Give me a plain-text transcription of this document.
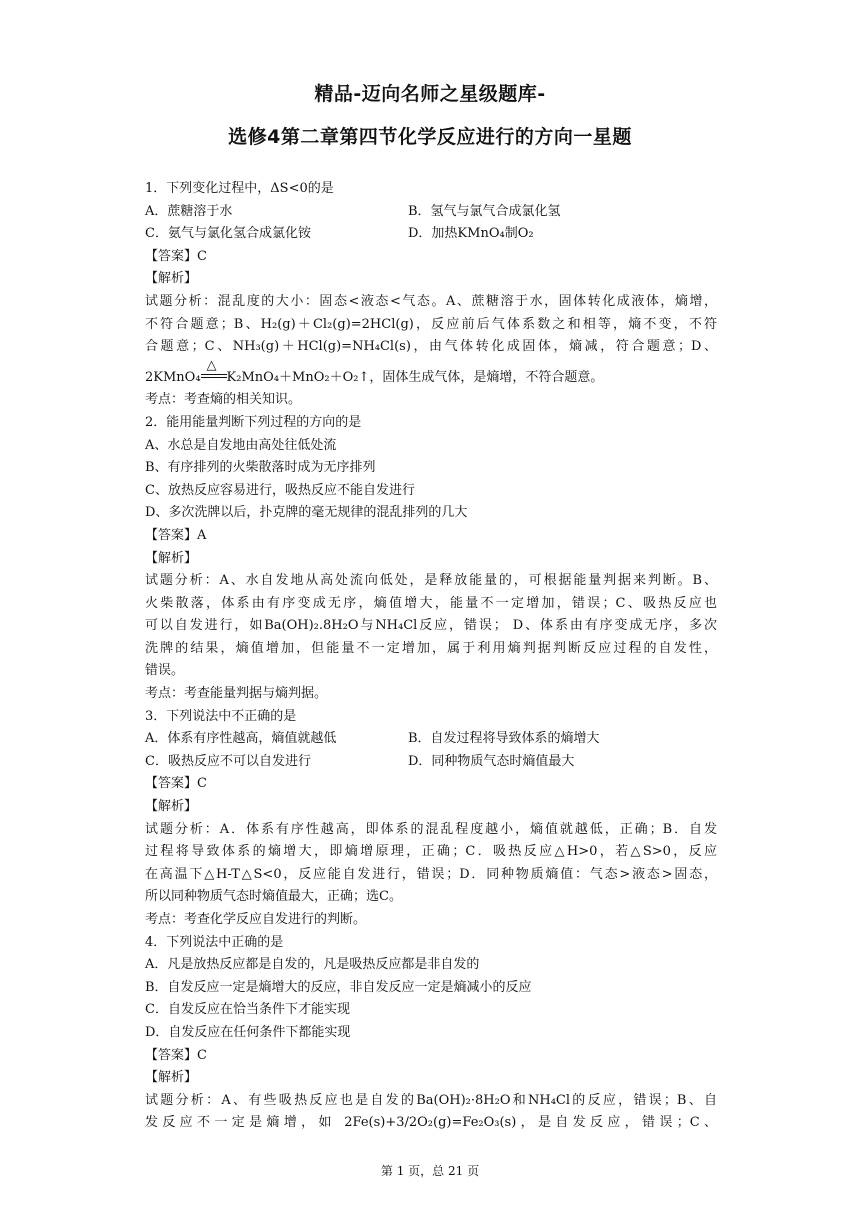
精品-迈向名师之星级题库-
选修4第二章第四节化学反应进行的方向一星题
1．下列变化过程中，ΔS<0的是
A．蔗糖溶于水	B．氢气与氯气合成氯化氢
C．氨气与氯化氢合成氯化铵	D．加热KMnO₄制O₂
【答案】C
【解析】
试题分析：混乱度的大小：固态<液态<气态。A、蔗糖溶于水，固体转化成液体，熵增，
不符合题意；B、H₂(g)＋Cl₂(g)=2HCl(g)，反应前后气体系数之和相等，熵不变，不符
合题意；C、NH₃(g)＋HCl(g)=NH₄Cl(s)，由气体转化成固体，熵减，符合题意；D、
2KMnO₄
△
K₂MnO₄＋MnO₂＋O₂↑，固体生成气体，是熵增，不符合题意。
考点：考查熵的相关知识。
2．能用能量判断下列过程的方向的是
A、水总是自发地由高处往低处流
B、有序排列的火柴散落时成为无序排列
C、放热反应容易进行，吸热反应不能自发进行
D、多次洗牌以后，扑克牌的毫无规律的混乱排列的几大
【答案】A
【解析】
试题分析：A、水自发地从高处流向低处，是释放能量的，可根据能量判据来判断。B、
火柴散落，体系由有序变成无序，熵值增大，能量不一定增加，错误；C、吸热反应也
可以自发进行，如Ba(OH)₂.8H₂O与NH₄Cl反应，错误； D、体系由有序变成无序，多次
洗牌的结果，熵值增加，但能量不一定增加，属于利用熵判据判断反应过程的自发性，
错误。
考点：考查能量判据与熵判据。
3．下列说法中不正确的是
A．体系有序性越高，熵值就越低	B．自发过程将导致体系的熵增大
C．吸热反应不可以自发进行	D．同种物质气态时熵值最大
【答案】C
【解析】
试题分析：A．体系有序性越高，即体系的混乱程度越小，熵值就越低，正确；B．自发
过程将导致体系的熵增大，即熵增原理，正确；C．吸热反应△H>0，若△S>0，反应
在高温下△H-T△S<0，反应能自发进行，错误；D．同种物质熵值：气态>液态>固态，
所以同种物质气态时熵值最大，正确；选C。
考点：考查化学反应自发进行的判断。
4．下列说法中正确的是
A．凡是放热反应都是自发的，凡是吸热反应都是非自发的
B．自发反应一定是熵增大的反应，非自发反应一定是熵减小的反应
C．自发反应在恰当条件下才能实现
D．自发反应在任何条件下都能实现
【答案】C
【解析】
试题分析：A、有些吸热反应也是自发的Ba(OH)₂·8H₂O和NH₄Cl的反应，错误；B、自
发反应不一定是熵增，如 2Fe(s)+3/2O₂(g)=Fe₂O₃(s)，是自发反应，错误；C、
第 1 页，总 21 页
